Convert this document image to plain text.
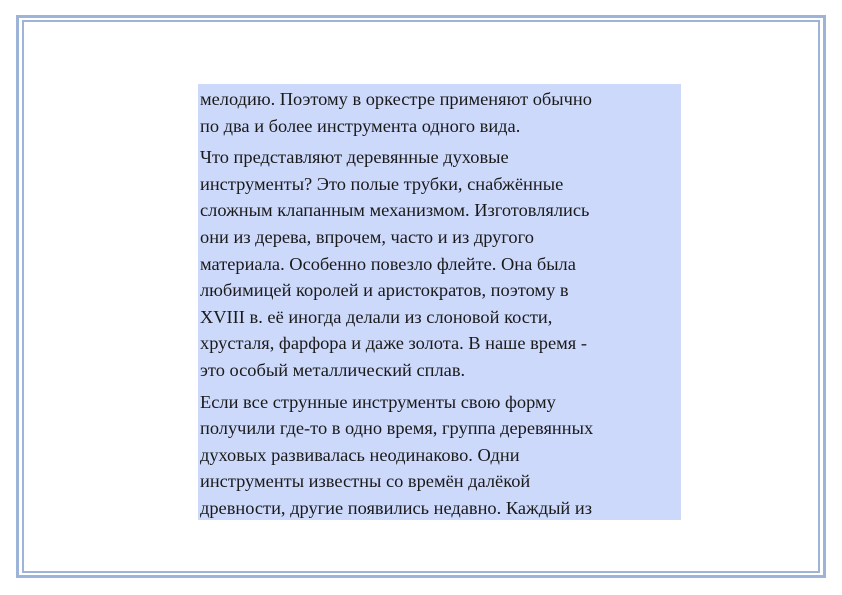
мелодию. Поэтому в оркестре применяют обычно
по два и более инструмента одного вида.

Что представляют деревянные духовые
инструменты? Это полые трубки, снабжённые
сложным клапанным механизмом. Изготовлялись
они из дерева, впрочем, часто и из другого
материала. Особенно повезло флейте. Она была
любимицей королей и аристократов, поэтому в
XVIII в. её иногда делали из слоновой кости,
хрусталя, фарфора и даже золота. В наше время -
это особый металлический сплав.

Если все струнные инструменты свою форму
получили где-то в одно время, группа деревянных
духовых развивалась неодинаково. Одни
инструменты известны со времён далёкой
древности, другие появились недавно. Каждый из
